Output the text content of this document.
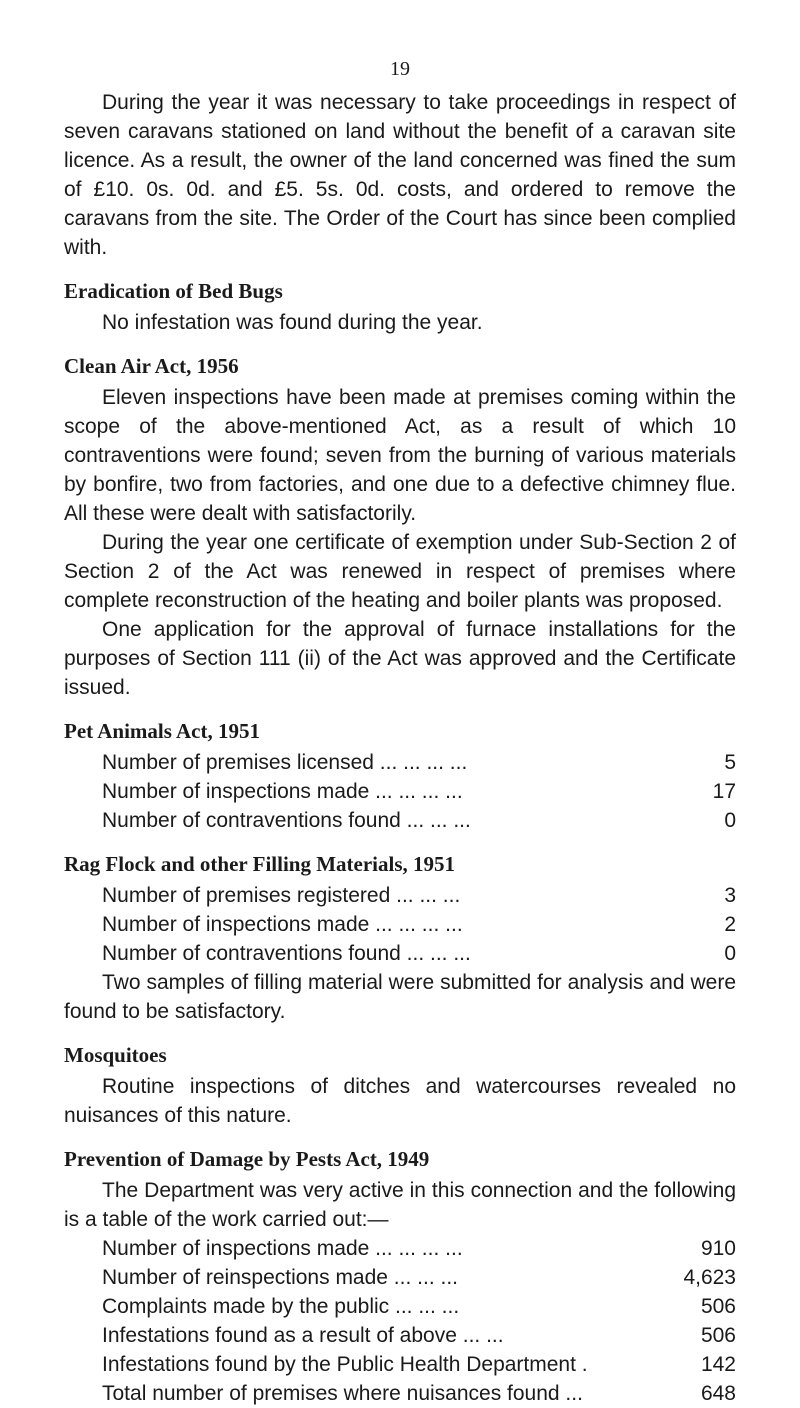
19

During the year it was necessary to take proceedings in respect of seven caravans stationed on land without the benefit of a caravan site licence. As a result, the owner of the land concerned was fined the sum of £10. 0s. 0d. and £5. 5s. 0d. costs, and ordered to remove the caravans from the site. The Order of the Court has since been complied with.

Eradication of Bed Bugs

No infestation was found during the year.

Clean Air Act, 1956

Eleven inspections have been made at premises coming within the scope of the above-mentioned Act, as a result of which 10 contraventions were found; seven from the burning of various materials by bonfire, two from factories, and one due to a defective chimney flue. All these were dealt with satisfactorily.

During the year one certificate of exemption under Sub-Section 2 of Section 2 of the Act was renewed in respect of premises where complete reconstruction of the heating and boiler plants was proposed.

One application for the approval of furnace installations for the purposes of Section 111 (ii) of the Act was approved and the Certificate issued.

Pet Animals Act, 1951
Number of premises licensed ... ... ... ...	5
Number of inspections made ... ... ... ...	17
Number of contraventions found ... ... ...	0
Rag Flock and other Filling Materials, 1951
Number of premises registered ... ... ...	3
Number of inspections made ... ... ... ...	2
Number of contraventions found ... ... ...	0

Two samples of filling material were submitted for analysis and were found to be satisfactory.

Mosquitoes

Routine inspections of ditches and watercourses revealed no nuisances of this nature.

Prevention of Damage by Pests Act, 1949

The Department was very active in this connection and the following is a table of the work carried out:—

Number of inspections made ... ... ... ...	910
Number of reinspections made ... ... ...	4,623
Complaints made by the public ... ... ...	506
Infestations found as a result of above ... ...	506
Infestations found by the Public Health Department .	142
Total number of premises where nuisances found ...	648
